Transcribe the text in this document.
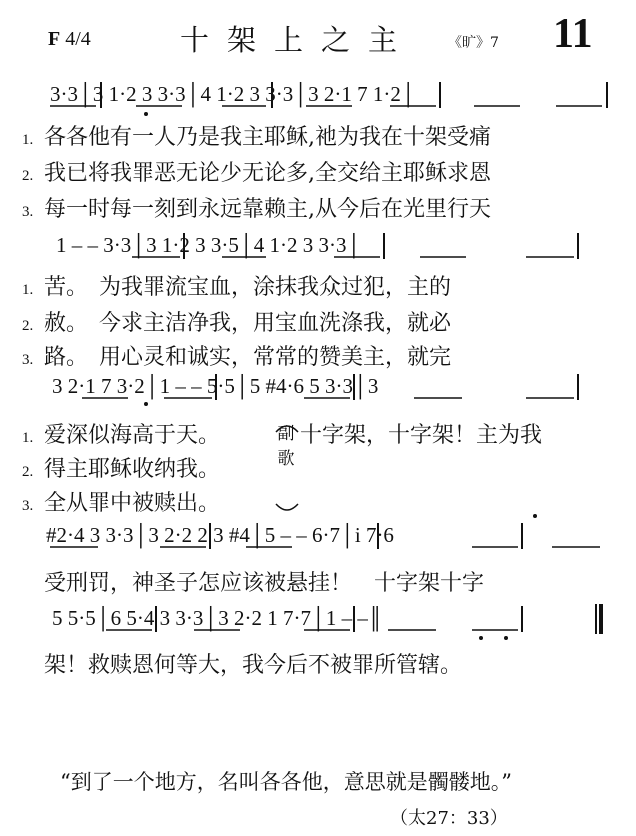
F 4/4	十架上之主 《旷》7 11
3·3│3 1·2 3 3·3│4 1·2 3 3·3│3 2·1 7 1·2│
1 – – 3·3│3 1·2 3 3·5│4 1·2 3 3·3│
3 2·1 7 3·2│1 – – 5·5│5 #4·6 5 3·3│3
#2·4 3 3·3│3 2·2 2 3 #4│5 – – 6·7│i 7·6
5 5·5│6 5·4 3 3·3│3 2·2 1 7·7│1 – –║
1. 各各他有一人乃是我主耶稣,祂为我在十架受痛
2. 我已将我罪恶无论少无论多,全交给主耶稣求恩
3. 每一时每一刻到永远靠赖主,从今后在光里行天
1. 苦。　为我罪流宝血，涂抹我众过犯，主的
2. 赦。　今求主洁净我，用宝血洗涤我，就必
3. 路。　用心灵和诚实，常常的赞美主，就完
1. 爱深似海高于天。
2. 得主耶稣收纳我。
3. 全从罪中被赎出。
副
歌
十字架，十字架！主为我
受刑罚，神圣子怎应该被悬挂！　十字架十字
架！救赎恩何等大，我今后不被罪所管辖。
“到了一个地方，名叫各各他，意思就是髑髅地。”
（太27：33）
